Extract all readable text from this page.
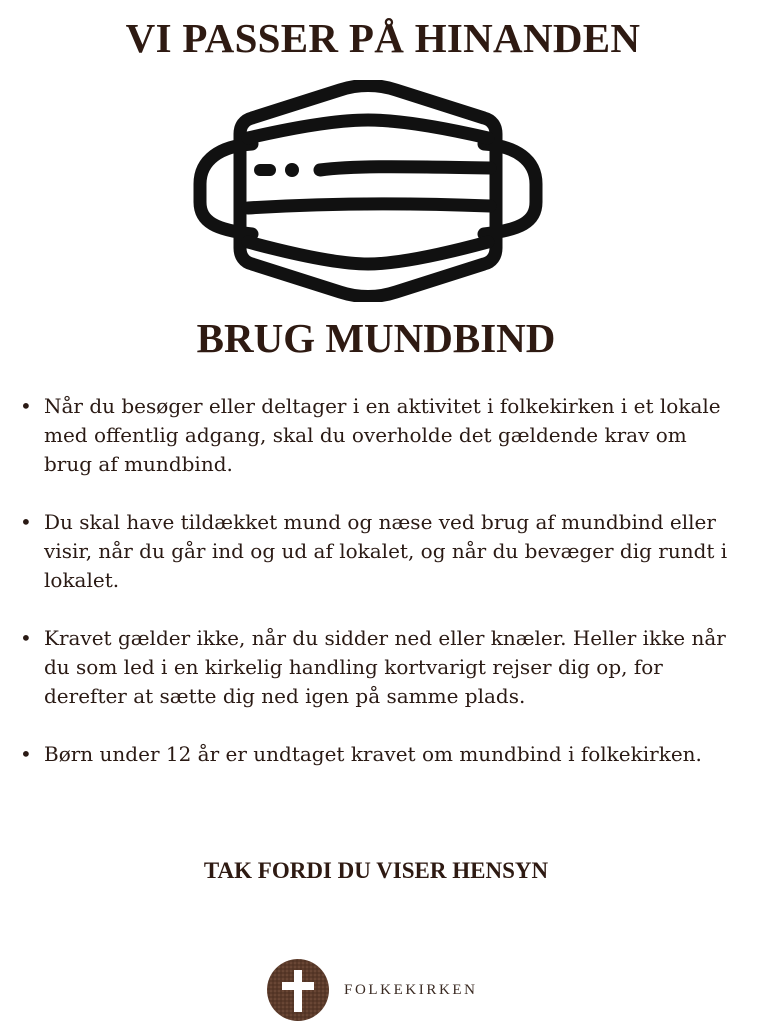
VI PASSER PÅ HINANDEN
BRUG MUNDBIND
• Når du besøger eller deltager i en aktivitet i folkekirken i et lokale med offentlig adgang, skal du overholde det gældende krav om brug af mundbind.
• Du skal have tildækket mund og næse ved brug af mundbind eller visir, når du går ind og ud af lokalet, og når du bevæger dig rundt i lokalet.
• Kravet gælder ikke, når du sidder ned eller knæler. Heller ikke når du som led i en kirkelig handling kortvarigt rejser dig op, for derefter at sætte dig ned igen på samme plads.
• Børn under 12 år er undtaget kravet om mundbind i folkekirken.

TAK FORDI DU VISER HENSYN

FOLKEKIRKEN
